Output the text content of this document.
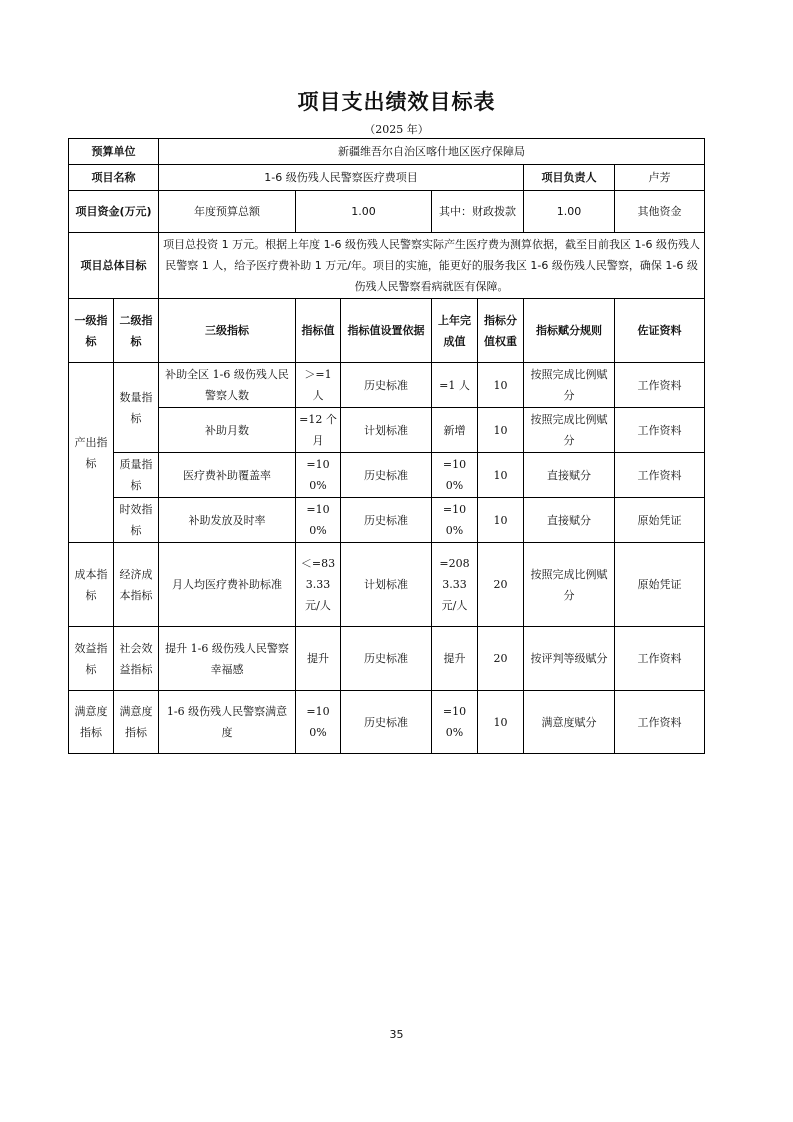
项目支出绩效目标表
（2025 年）
预算单位		新疆维吾尔自治区喀什地区医疗保障局						
项目名称		1-6 级伤残人民警察医疗费项目					项目负责人	卢芳
项目资金(万元)		年度预算总额	1.00		其中：财政拨款		1.00	其他资金
项目总体目标		项目总投资 1 万元。根据上年度 1-6 级伤残人民警察实际产生医疗费为测算依据，截至目前我区 1-6 级伤残人民警察 1 人，给予医疗费补助 1 万元/年。项目的实施，能更好的服务我区 1-6 级伤残人民警察，确保 1-6 级伤残人民警察看病就医有保障。						
一级指标	二级指标	三级指标	指标值	指标值设置依据	上年完成值	指标分值权重	指标赋分规则	佐证资料
产出指标	数量指标	补助全区 1-6 级伤残人民警察人数	＞=1 人	历史标准	=1 人	10	按照完成比例赋分	工作资料
		补助月数	=12 个月	计划标准	新增	10	按照完成比例赋分	工作资料
	质量指标	医疗费补助覆盖率	=100%	历史标准	=100%	10	直接赋分	工作资料
	时效指标	补助发放及时率	=100%	历史标准	=100%	10	直接赋分	原始凭证
成本指标	经济成本指标	月人均医疗费补助标准	＜=833.33 元/人	计划标准	=2083.33 元/人	20	按照完成比例赋分	原始凭证
效益指标	社会效益指标	提升 1-6 级伤残人民警察幸福感	提升	历史标准	提升	20	按评判等级赋分	工作资料
满意度指标	满意度指标	1-6 级伤残人民警察满意度	=100%	历史标准	=100%	10	满意度赋分	工作资料
35
